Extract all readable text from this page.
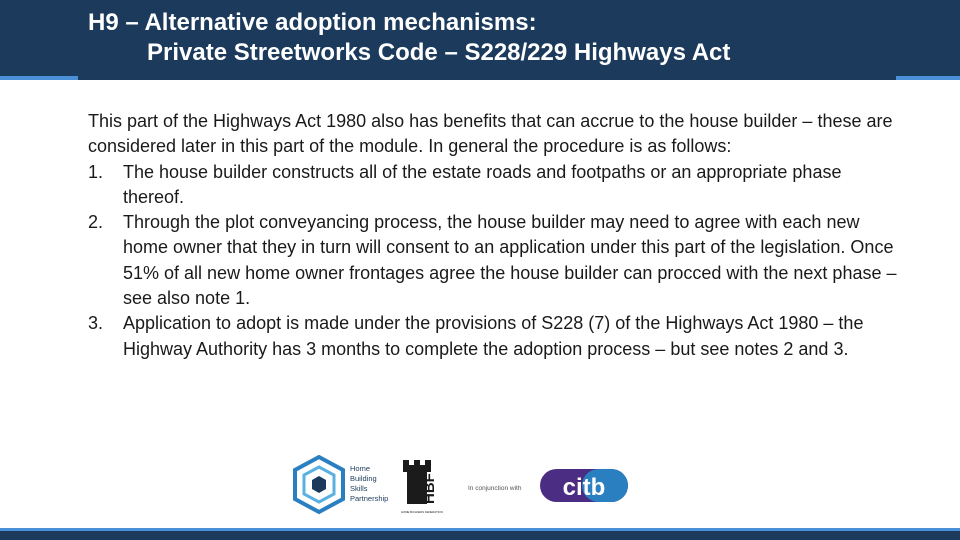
H9 – Alternative adoption mechanisms:
Private Streetworks Code – S228/229 Highways Act

This part of the Highways Act 1980 also has benefits that can accrue to the house builder – these are considered later in this part of the module. In general the procedure is as follows:

1. The house builder constructs all of the estate roads and footpaths or an appropriate phase thereof.
2. Through the plot conveyancing process, the house builder may need to agree with each new home owner that they in turn will consent to an application under this part of the legislation. Once 51% of all new home owner frontages agree the house builder can procced with the next phase – see also note 1.
3. Application to adopt is made under the provisions of S228 (7) of the Highways Act 1980 – the Highway Authority has 3 months to complete the adoption process – but see notes 2 and 3.
Home
Building
Skills
Partnership HBF
HOME BUILDERS FEDERATION
In conjunction with citb
